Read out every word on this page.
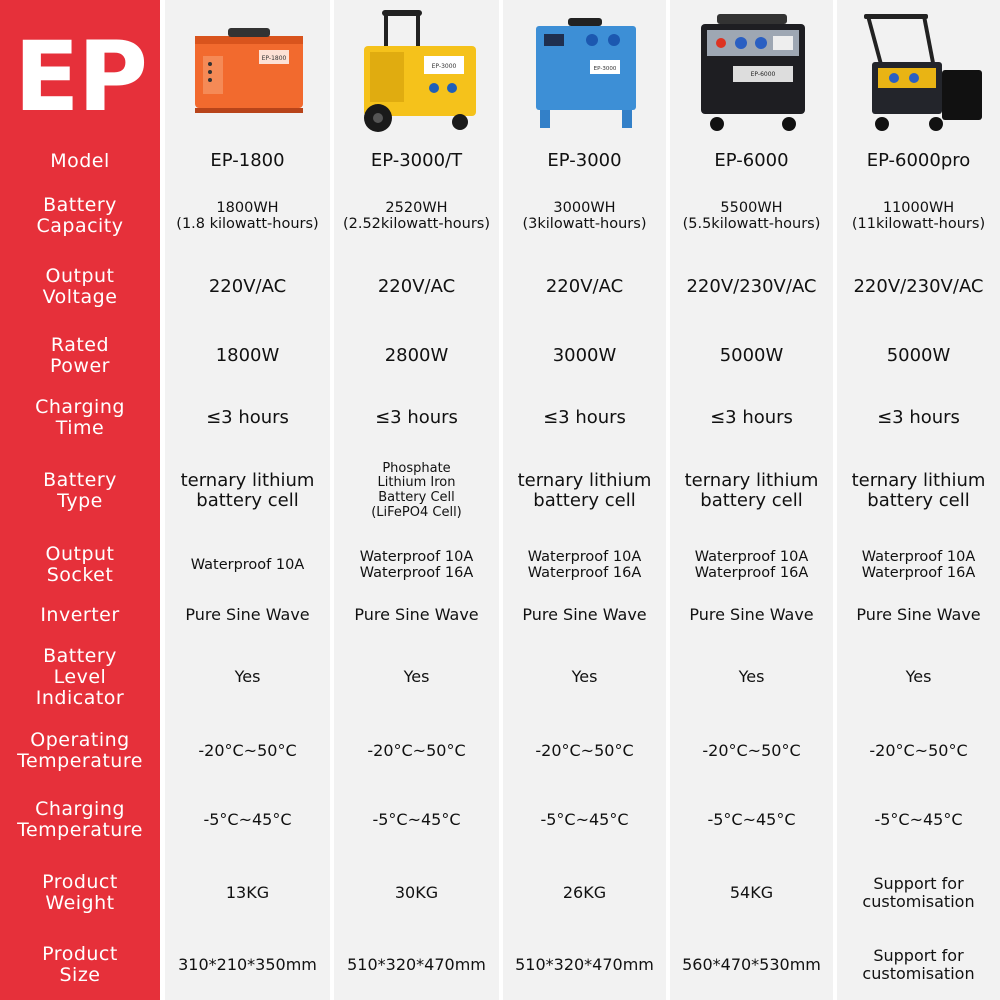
EP
Model
Battery
Capacity
Output
Voltage
Rated
Power
Charging
Time
Battery
Type
Output
Socket
Inverter
Battery
Level
Indicator
Operating
Temperature
Charging
Temperature
Product
Weight
Product
Size
EP-1800
1800WH
(1.8 kilowatt-hours)
220V/AC
1800W
≤3 hours
ternary lithium
battery cell
Waterproof 10A
Pure Sine Wave
Yes
-20°C~50°C
-5°C~45°C
13KG
310*210*350mm
EP-3000/T
2520WH
(2.52kilowatt-hours)
220V/AC
2800W
≤3 hours
Phosphate
Lithium Iron
Battery Cell
(LiFePO4 Cell)
Waterproof 10A
Waterproof 16A
Pure Sine Wave
Yes
-20°C~50°C
-5°C~45°C
30KG
510*320*470mm
EP-3000
3000WH
(3kilowatt-hours)
220V/AC
3000W
≤3 hours
ternary lithium
battery cell
Waterproof 10A
Waterproof 16A
Pure Sine Wave
Yes
-20°C~50°C
-5°C~45°C
26KG
510*320*470mm
EP-6000
5500WH
(5.5kilowatt-hours)
220V/230V/AC
5000W
≤3 hours
ternary lithium
battery cell
Waterproof 10A
Waterproof 16A
Pure Sine Wave
Yes
-20°C~50°C
-5°C~45°C
54KG
560*470*530mm
EP-6000pro
11000WH
(11kilowatt-hours)
220V/230V/AC
5000W
≤3 hours
ternary lithium
battery cell
Waterproof 10A
Waterproof 16A
Pure Sine Wave
Yes
-20°C~50°C
-5°C~45°C
Support for
customisation
Support for
customisation
EP-1800
EP-3000	EP-3000
EP-6000
